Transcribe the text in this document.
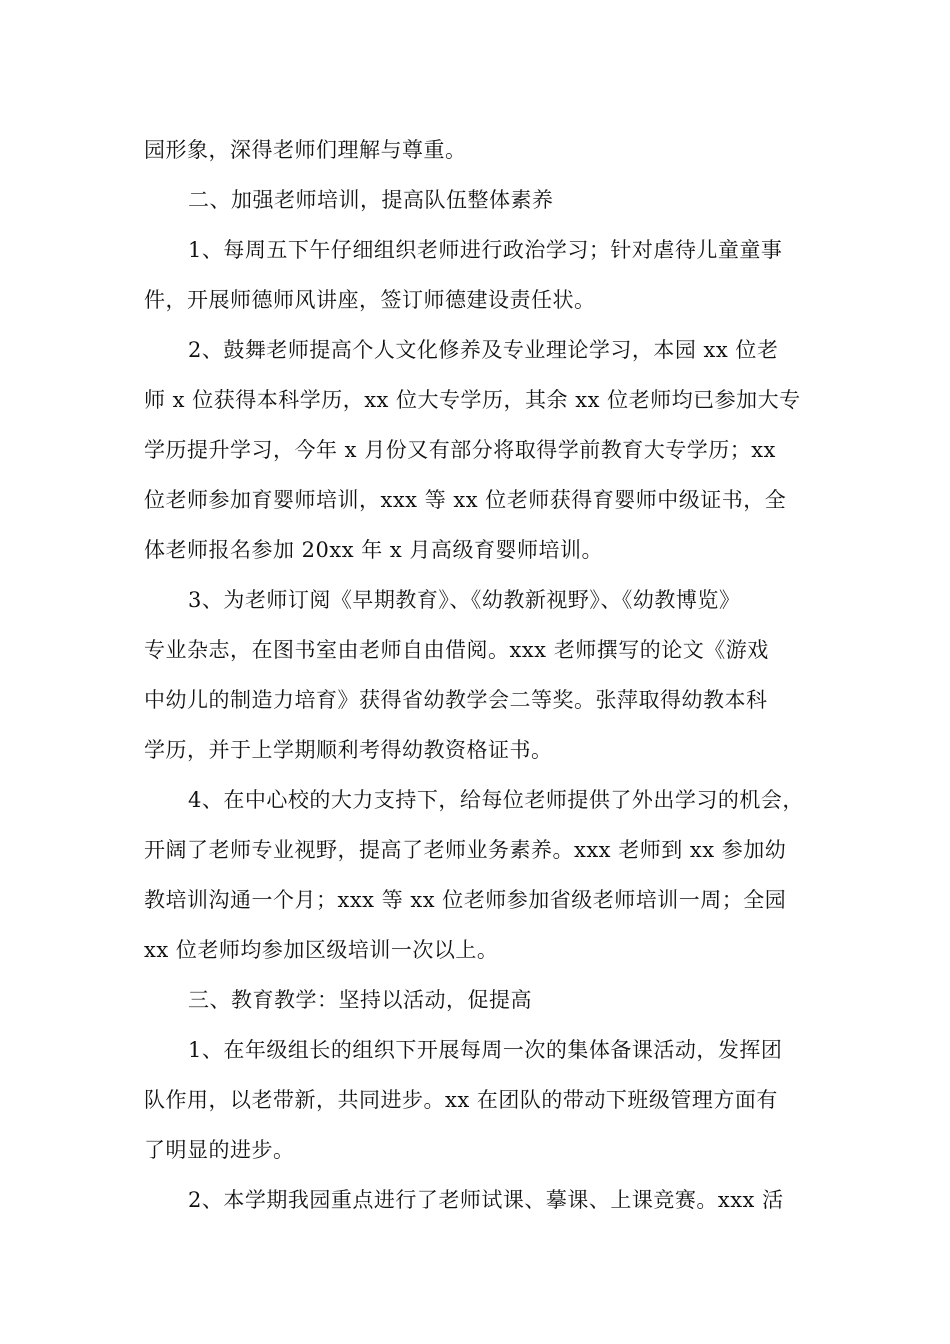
园形象，深得老师们理解与尊重。
二、加强老师培训，提高队伍整体素养
1、每周五下午仔细组织老师进行政治学习；针对虐待儿童童事
件，开展师德师风讲座，签订师德建设责任状。
2、鼓舞老师提高个人文化修养及专业理论学习，本园 xx 位老
师 x 位获得本科学历，xx 位大专学历，其余 xx 位老师均已参加大专
学历提升学习，今年 x 月份又有部分将取得学前教育大专学历；xx
位老师参加育婴师培训，xxx 等 xx 位老师获得育婴师中级证书，全
体老师报名参加 20xx 年 x 月高级育婴师培训。
3、为老师订阅《早期教育》、《幼教新视野》、《幼教博览》
专业杂志，在图书室由老师自由借阅。xxx 老师撰写的论文《游戏
中幼儿的制造力培育》获得省幼教学会二等奖。张萍取得幼教本科
学历，并于上学期顺利考得幼教资格证书。
4、在中心校的大力支持下，给每位老师提供了外出学习的机会，
开阔了老师专业视野，提高了老师业务素养。xxx 老师到 xx 参加幼
教培训沟通一个月；xxx 等 xx 位老师参加省级老师培训一周；全园
xx 位老师均参加区级培训一次以上。
三、教育教学：坚持以活动，促提高
1、在年级组长的组织下开展每周一次的集体备课活动，发挥团
队作用，以老带新，共同进步。xx 在团队的带动下班级管理方面有
了明显的进步。
2、本学期我园重点进行了老师试课、摹课、上课竞赛。xxx 活
